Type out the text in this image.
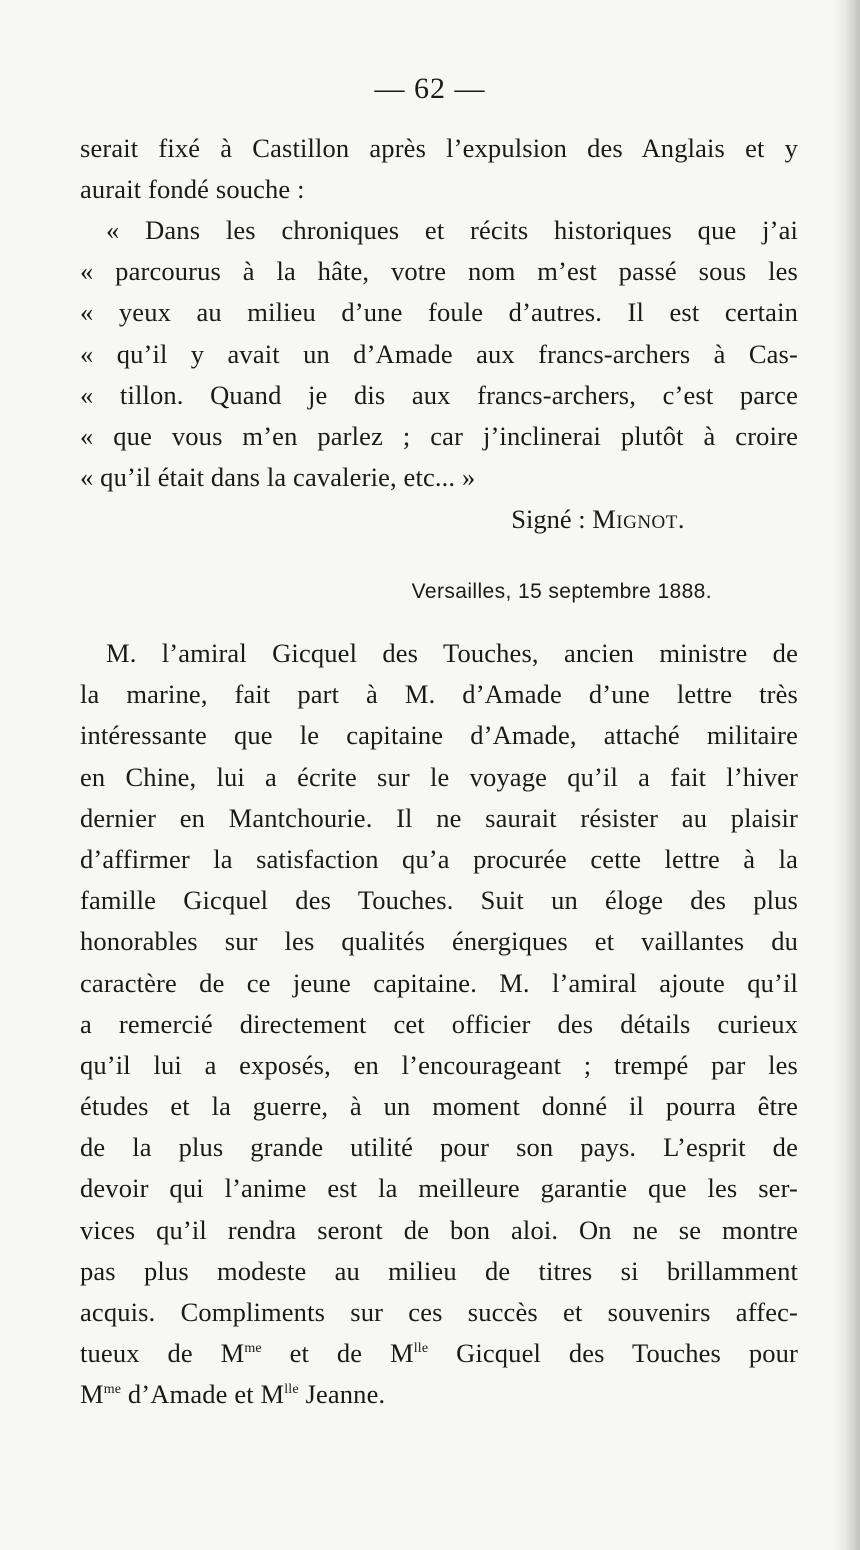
— 62 —
serait fixé à Castillon après l’expulsion des Anglais et y
aurait fondé souche :
« Dans les chroniques et récits historiques que j’ai
« parcourus à la hâte, votre nom m’est passé sous les
« yeux au milieu d’une foule d’autres. Il est certain
« qu’il y avait un d’Amade aux francs-archers à Cas-
« tillon. Quand je dis aux francs-archers, c’est parce
« que vous m’en parlez ; car j’inclinerai plutôt à croire
« qu’il était dans la cavalerie, etc... »
Signé : Mignot.
Versailles, 15 septembre 1888.
M. l’amiral Gicquel des Touches, ancien ministre de
la marine, fait part à M. d’Amade d’une lettre très
intéressante que le capitaine d’Amade, attaché militaire
en Chine, lui a écrite sur le voyage qu’il a fait l’hiver
dernier en Mantchourie. Il ne saurait résister au plaisir
d’affirmer la satisfaction qu’a procurée cette lettre à la
famille Gicquel des Touches. Suit un éloge des plus
honorables sur les qualités énergiques et vaillantes du
caractère de ce jeune capitaine. M. l’amiral ajoute qu’il
a remercié directement cet officier des détails curieux
qu’il lui a exposés, en l’encourageant ; trempé par les
études et la guerre, à un moment donné il pourra être
de la plus grande utilité pour son pays. L’esprit de
devoir qui l’anime est la meilleure garantie que les ser-
vices qu’il rendra seront de bon aloi. On ne se montre
pas plus modeste au milieu de titres si brillamment
acquis. Compliments sur ces succès et souvenirs affec-
tueux de $M^{me}$ et de $M^{lle}$ Gicquel des Touches pour
$M^{me}$ d’Amade et $M^{lle}$ Jeanne.
